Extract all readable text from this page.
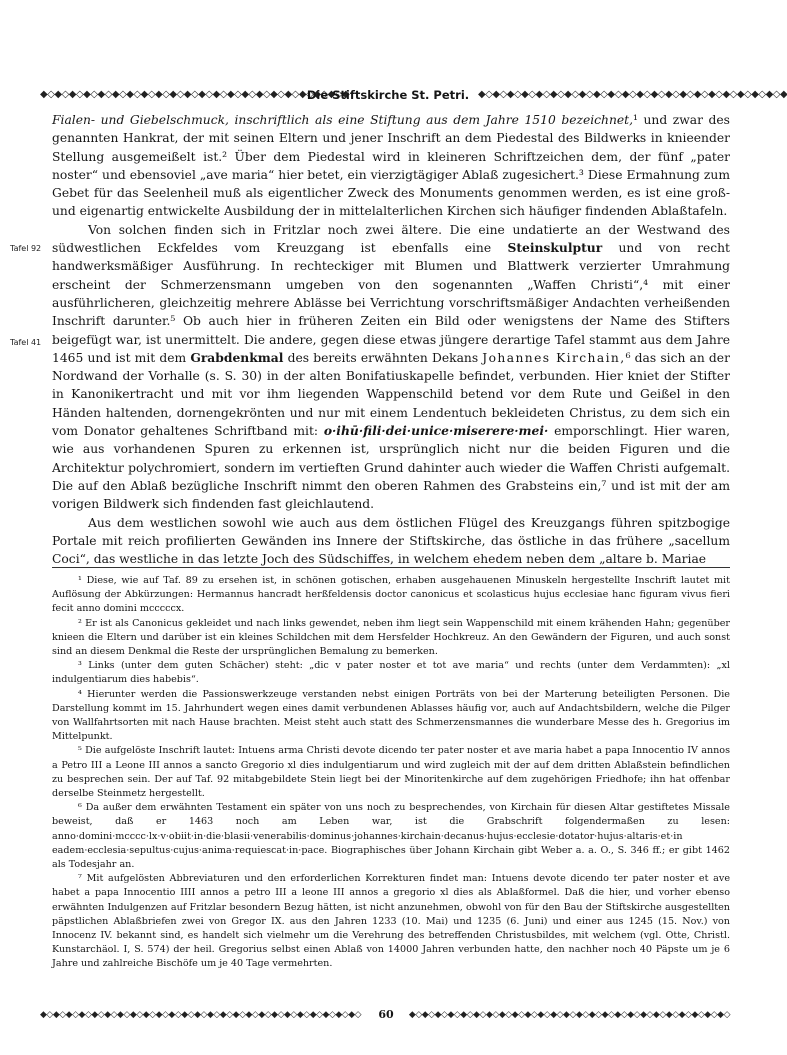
◆◇◆◇◆◇◆◇◆◇◆◇◆◇◆◇◆◇◆◇◆◇◆◇◆◇◆◇◆◇◆◇◆◇◆◇◆◇◆◇◆◇◆
Die Stiftskirche St. Petri. ◆◇◆◇◆◇◆◇◆◇◆◇◆◇◆◇◆◇◆◇◆◇◆◇◆◇◆◇◆◇◆◇◆◇◆◇◆◇◆◇◆◇◆
Tafel 92
Tafel 41

Fialen- und Giebelschmuck, inschriftlich als eine Stiftung aus dem Jahre 1510 bezeichnet,¹ und zwar des genannten Hankrat, der mit seinen Eltern und jener Inschrift an dem Piedestal des Bildwerks in knieender Stellung ausgemeißelt ist.² Über dem Piedestal wird in kleineren Schriftzeichen dem, der fünf „pater noster“ und ebensoviel „ave maria“ hier betet, ein vierzigtägiger Ablaß zugesichert.³ Diese Ermahnung zum Gebet für das Seelenheil muß als eigentlicher Zweck des Monuments genommen werden, es ist eine groß- und eigenartig entwickelte Ausbildung der in mittelalterlichen Kirchen sich häufiger findenden Ablaßtafeln.

Von solchen finden sich in Fritzlar noch zwei ältere. Die eine undatierte an der Westwand des südwestlichen Eckfeldes vom Kreuzgang ist ebenfalls eine Steinskulptur und von recht handwerksmäßiger Ausführung. In rechteckiger mit Blumen und Blattwerk verzierter Umrahmung erscheint der Schmerzensmann umgeben von den sogenannten „Waffen Christi“,⁴ mit einer ausführlicheren, gleichzeitig mehrere Ablässe bei Verrichtung vorschriftsmäßiger Andachten verheißenden Inschrift darunter.⁵ Ob auch hier in früheren Zeiten ein Bild oder wenigstens der Name des Stifters beigefügt war, ist unermittelt. Die andere, gegen diese etwas jüngere derartige Tafel stammt aus dem Jahre 1465 und ist mit dem Grabdenkmal des bereits erwähnten Dekans Johannes Kirchain,⁶ das sich an der Nordwand der Vorhalle (s. S. 30) in der alten Bonifatiuskapelle befindet, verbunden. Hier kniet der Stifter in Kanonikertracht und mit vor ihm liegenden Wappenschild betend vor dem Rute und Geißel in den Händen haltenden, dornengekrönten und nur mit einem Lendentuch bekleideten Christus, zu dem sich ein vom Donator gehaltenes Schriftband mit: o·ihū·fili·dei·unice·miserere·mei· emporschlingt. Hier waren, wie aus vorhandenen Spuren zu erkennen ist, ursprünglich nicht nur die beiden Figuren und die Architektur polychromiert, sondern im vertieften Grund dahinter auch wieder die Waffen Christi aufgemalt. Die auf den Ablaß bezügliche Inschrift nimmt den oberen Rahmen des Grabsteins ein,⁷ und ist mit der am vorigen Bildwerk sich findenden fast gleichlautend.

Aus dem westlichen sowohl wie auch aus dem östlichen Flügel des Kreuzgangs führen spitzbogige Portale mit reich profilierten Gewänden ins Innere der Stiftskirche, das östliche in das frühere „sacellum Coci“, das westliche in das letzte Joch des Südschiffes, in welchem ehedem neben dem „altare b. Mariae

¹ Diese, wie auf Taf. 89 zu ersehen ist, in schönen gotischen, erhaben ausgehauenen Minuskeln hergestellte Inschrift lautet mit Auflösung der Abkürzungen: Hermannus hancradt herßfeldensis doctor canonicus et scolasticus hujus ecclesiae hanc figuram vivus fieri fecit anno domini mcccccx.

² Er ist als Canonicus gekleidet und nach links gewendet, neben ihm liegt sein Wappenschild mit einem krähenden Hahn; gegenüber knieen die Eltern und darüber ist ein kleines Schildchen mit dem Hersfelder Hochkreuz. An den Gewändern der Figuren, und auch sonst sind an diesem Denkmal die Reste der ursprünglichen Bemalung zu bemerken.

³ Links (unter dem guten Schächer) steht: „dic v pater noster et tot ave maria“ und rechts (unter dem Verdammten): „xl indulgentiarum dies habebis“.

⁴ Hierunter werden die Passionswerkzeuge verstanden nebst einigen Porträts von bei der Marterung beteiligten Personen. Die Darstellung kommt im 15. Jahrhundert wegen eines damit verbundenen Ablasses häufig vor, auch auf Andachtsbildern, welche die Pilger von Wallfahrtsorten mit nach Hause brachten. Meist steht auch statt des Schmerzensmannes die wunderbare Messe des h. Gregorius im Mittelpunkt.

⁵ Die aufgelöste Inschrift lautet: Intuens arma Christi devote dicendo ter pater noster et ave maria habet a papa Innocentio IV annos a Petro III a Leone III annos a sancto Gregorio xl dies indulgentiarum und wird zugleich mit der auf dem dritten Ablaßstein befindlichen zu besprechen sein. Der auf Taf. 92 mitabgebildete Stein liegt bei der Minoritenkirche auf dem zugehörigen Friedhofe; ihn hat offenbar derselbe Steinmetz hergestellt.

⁶ Da außer dem erwähnten Testament ein später von uns noch zu besprechendes, von Kirchain für diesen Altar gestiftetes Missale beweist, daß er 1463 noch am Leben war, ist die Grabschrift folgendermaßen zu lesen: anno·domini·mcccc·lx·v·obiit·in·die·blasii·venerabilis·dominus·johannes·kirchain·decanus·hujus·ecclesie·dotator·hujus·altaris·et·in eadem·ecclesia·sepultus·cujus·anima·requiescat·in·pace. Biographisches über Johann Kirchain gibt Weber a. a. O., S. 346 ff.; er gibt 1462 als Todesjahr an.

⁷ Mit aufgelösten Abbreviaturen und den erforderlichen Korrekturen findet man: Intuens devote dicendo ter pater noster et ave habet a papa Innocentio IIII annos a petro III a leone III annos a gregorio xl dies als Ablaßformel. Daß die hier, und vorher ebenso erwähnten Indulgenzen auf Fritzlar besondern Bezug hätten, ist nicht anzunehmen, obwohl von für den Bau der Stiftskirche ausgestellten päpstlichen Ablaßbriefen zwei von Gregor IX. aus den Jahren 1233 (10. Mai) und 1235 (6. Juni) und einer aus 1245 (15. Nov.) von Innocenz IV. bekannt sind, es handelt sich vielmehr um die Verehrung des betreffenden Christusbildes, mit welchem (vgl. Otte, Christl. Kunstarchäol. I, S. 574) der heil. Gregorius selbst einen Ablaß von 14000 Jahren verbunden hatte, den nachher noch 40 Päpste um je 6 Jahre und zahlreiche Bischöfe um je 40 Tage vermehrten.

◆◇◆◇◆◇◆◇◆◇◆◇◆◇◆◇◆◇◆◇◆◇◆◇◆◇◆◇◆◇◆◇◆◇◆◇◆◇◆◇◆◇◆◇◆◇◆◇◆◇	60	◆◇◆◇◆◇◆◇◆◇◆◇◆◇◆◇◆◇◆◇◆◇◆◇◆◇◆◇◆◇◆◇◆◇◆◇◆◇◆◇◆◇◆◇◆◇◆◇◆◇
